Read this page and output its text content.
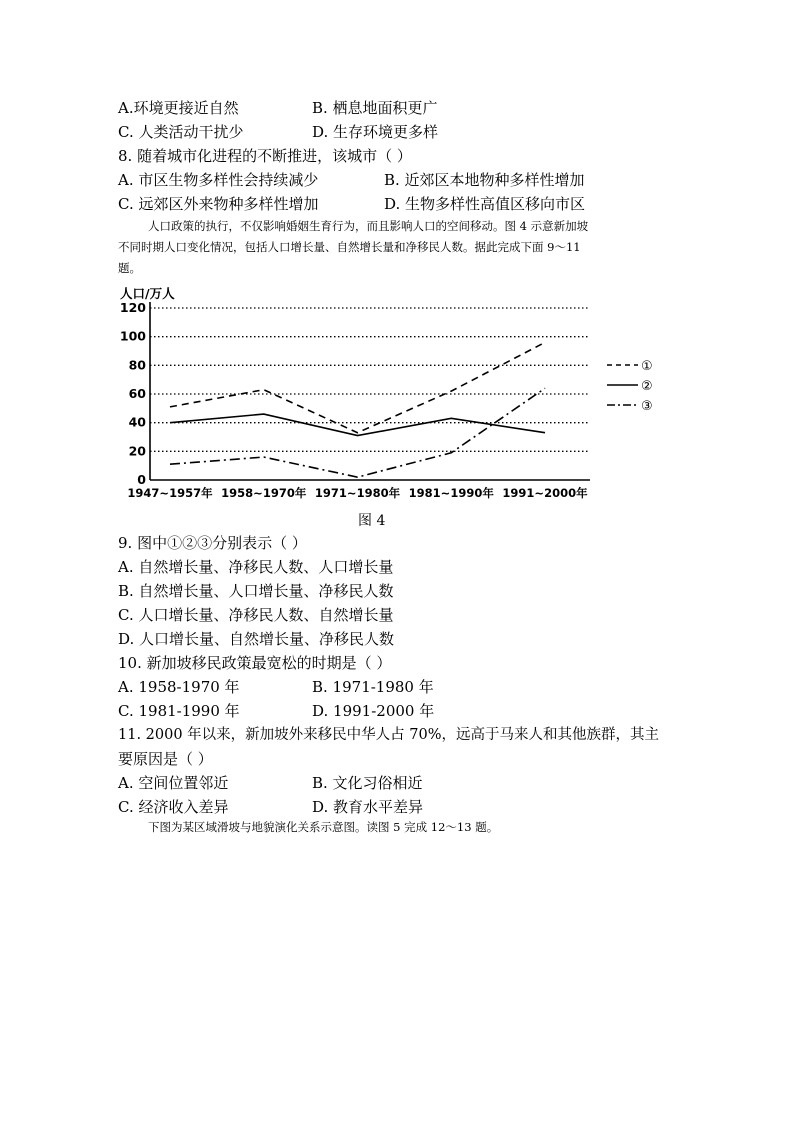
A.环境更接近自然	B. 栖息地面积更广
C. 人类活动干扰少	D. 生存环境更多样
8. 随着城市化进程的不断推进，该城市（ ）
A. 市区生物多样性会持续减少	B. 近郊区本地物种多样性增加
C. 远郊区外来物种多样性增加	D. 生物多样性高值区移向市区
人口政策的执行，不仅影响婚姻生育行为，而且影响人口的空间移动。图 4 示意新加坡
不同时期人口变化情况，包括人口增长量、自然增长量和净移民人数。据此完成下面 9～11
题。
人口/万人
0
20
40
60
80
100
120
1947~1957年 1958~1970年 1971~1980年 1981~1990年 1991~2000年
①
②
③
图 4
9. 图中①②③分别表示（ ）
A. 自然增长量、净移民人数、人口增长量
B. 自然增长量、人口增长量、净移民人数
C. 人口增长量、净移民人数、自然增长量
D. 人口增长量、自然增长量、净移民人数
10. 新加坡移民政策最宽松的时期是（ ）
A. 1958-1970 年	B. 1971-1980 年
C. 1981-1990 年	D. 1991-2000 年
11. 2000 年以来，新加坡外来移民中华人占 70%，远高于马来人和其他族群，其主
要原因是（ ）
A. 空间位置邻近	B. 文化习俗相近
C. 经济收入差异	D. 教育水平差异
下图为某区域滑坡与地貌演化关系示意图。读图 5 完成 12～13 题。
